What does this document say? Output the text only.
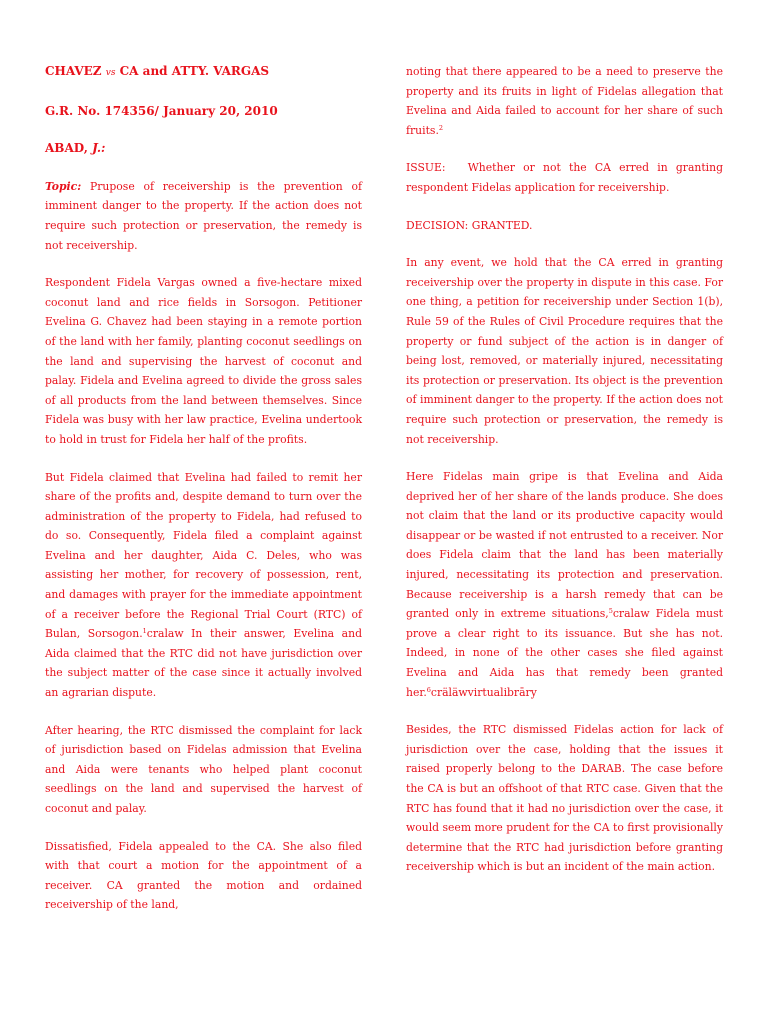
CHAVEZ vs CA and ATTY. VARGAS

G.R. No. 174356/ January 20, 2010

ABAD, J.:

Topic: Prupose of receivership is the prevention of imminent danger to the property. If the action does not require such protection or preservation, the remedy is not receivership.

Respondent Fidela Vargas owned a five-hectare mixed coconut land and rice fields in Sorsogon. Petitioner Evelina G. Chavez had been staying in a remote portion of the land with her family, planting coconut seedlings on the land and supervising the harvest of coconut and palay. Fidela and Evelina agreed to divide the gross sales of all products from the land between themselves. Since Fidela was busy with her law practice, Evelina undertook to hold in trust for Fidela her half of the profits.

But Fidela claimed that Evelina had failed to remit her share of the profits and, despite demand to turn over the administration of the property to Fidela, had refused to do so. Consequently, Fidela filed a complaint against Evelina and her daughter, Aida C. Deles, who was assisting her mother, for recovery of possession, rent, and damages with prayer for the immediate appointment of a receiver before the Regional Trial Court (RTC) of Bulan, Sorsogon.$^1$cralaw In their answer, Evelina and Aida claimed that the RTC did not have jurisdiction over the subject matter of the case since it actually involved an agrarian dispute.

After hearing, the RTC dismissed the complaint for lack of jurisdiction based on Fidelas admission that Evelina and Aida were tenants who helped plant coconut seedlings on the land and supervised the harvest of coconut and palay.

Dissatisfied, Fidela appealed to the CA. She also filed with that court a motion for the appointment of a receiver. CA granted the motion and ordained receivership of the land,

noting that there appeared to be a need to preserve the property and its fruits in light of Fidelas allegation that Evelina and Aida failed to account for her share of such fruits.$^2$

ISSUE: Whether or not the CA erred in granting respondent Fidelas application for receivership.

DECISION: GRANTED.

In any event, we hold that the CA erred in granting receivership over the property in dispute in this case. For one thing, a petition for receivership under Section 1(b), Rule 59 of the Rules of Civil Procedure requires that the property or fund subject of the action is in danger of being lost, removed, or materially injured, necessitating its protection or preservation. Its object is the prevention of imminent danger to the property. If the action does not require such protection or preservation, the remedy is not receivership.

Here Fidelas main gripe is that Evelina and Aida deprived her of her share of the lands produce. She does not claim that the land or its productive capacity would disappear or be wasted if not entrusted to a receiver. Nor does Fidela claim that the land has been materially injured, necessitating its protection and preservation. Because receivership is a harsh remedy that can be granted only in extreme situations,$^5$cralaw Fidela must prove a clear right to its issuance. But she has not. Indeed, in none of the other cases she filed against Evelina and Aida has that remedy been granted her.$^6$cräläwvirtualibrāry

Besides, the RTC dismissed Fidelas action for lack of jurisdiction over the case, holding that the issues it raised properly belong to the DARAB. The case before the CA is but an offshoot of that RTC case. Given that the RTC has found that it had no jurisdiction over the case, it would seem more prudent for the CA to first provisionally determine that the RTC had jurisdiction before granting receivership which is but an incident of the main action.
